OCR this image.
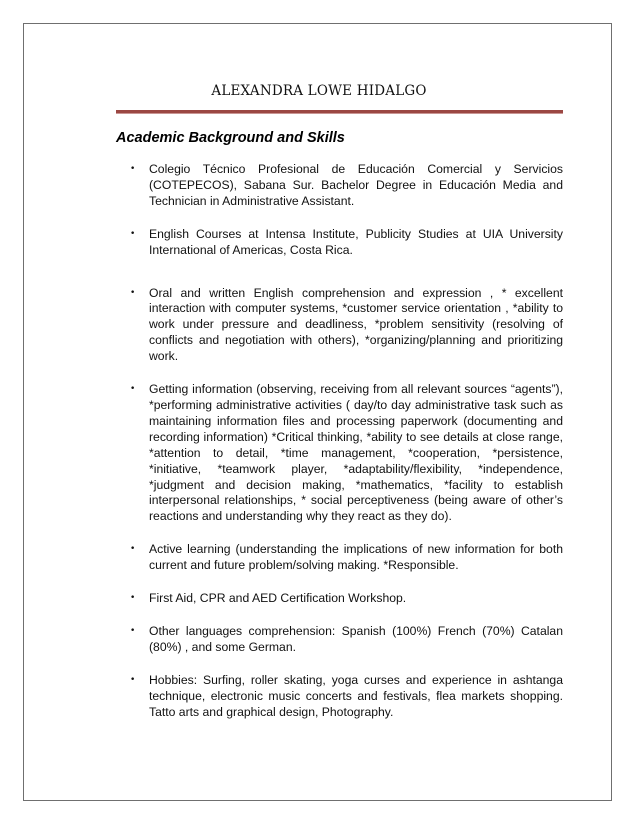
ALEXANDRA LOWE HIDALGO
Academic Background and Skills
• Colegio Técnico Profesional de Educación Comercial y Servicios (COTEPECOS), Sabana Sur. Bachelor Degree in Educación Media and Technician in Administrative Assistant.
• English Courses at Intensa Institute, Publicity Studies at UIA University International of Americas, Costa Rica.
• Oral and written English comprehension and expression , * excellent interaction with computer systems, *customer service orientation , *ability to work under pressure and deadliness, *problem sensitivity (resolving of conflicts and negotiation with others), *organizing/planning and prioritizing work.
• Getting information (observing, receiving from all relevant sources “agents”), *performing administrative activities ( day/to day administrative task such as maintaining information files and processing paperwork (documenting and recording information) *Critical thinking, *ability to see details at close range, *attention to detail, *time management, *cooperation, *persistence, *initiative, *teamwork player, *adaptability/flexibility, *independence, *judgment and decision making, *mathematics, *facility to establish interpersonal relationships, * social perceptiveness (being aware of other’s reactions and understanding why they react as they do).
• Active learning (understanding the implications of new information for both current and future problem/solving making. *Responsible.
• First Aid, CPR and AED Certification Workshop.
• Other languages comprehension: Spanish (100%) French (70%) Catalan (80%) , and some German.
• Hobbies: Surfing, roller skating, yoga curses and experience in ashtanga technique, electronic music concerts and festivals, flea markets shopping. Tatto arts and graphical design, Photography.
